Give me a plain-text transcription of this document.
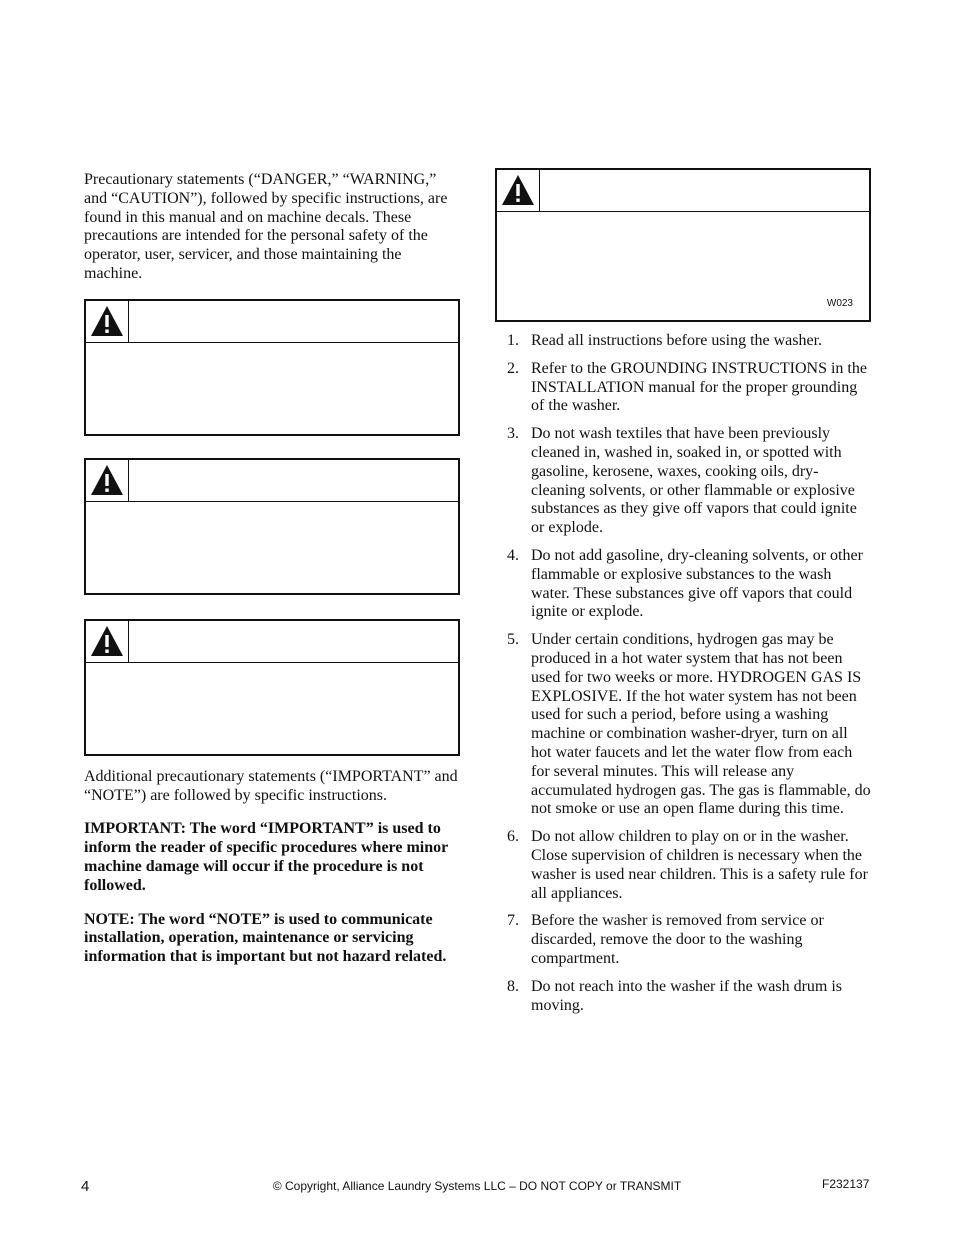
Precautionary statements (“DANGER,” “WARNING,” and “CAUTION”), followed by specific instructions, are found in this manual and on machine decals. These precautions are intended for the personal safety of the operator, user, servicer, and those maintaining the machine.

Additional precautionary statements (“IMPORTANT” and “NOTE”) are followed by specific instructions.

IMPORTANT: The word “IMPORTANT” is used to inform the reader of specific procedures where minor machine damage will occur if the procedure is not followed.

NOTE: The word “NOTE” is used to communicate installation, operation, maintenance or servicing information that is important but not hazard related.

W023
1. Read all instructions before using the washer.
2. Refer to the GROUNDING INSTRUCTIONS in the INSTALLATION manual for the proper grounding of the washer.
3. Do not wash textiles that have been previously cleaned in, washed in, soaked in, or spotted with gasoline, kerosene, waxes, cooking oils, dry-cleaning solvents, or other flammable or explosive substances as they give off vapors that could ignite or explode.
4. Do not add gasoline, dry-cleaning solvents, or other flammable or explosive substances to the wash water. These substances give off vapors that could ignite or explode.
5. Under certain conditions, hydrogen gas may be produced in a hot water system that has not been used for two weeks or more. HYDROGEN GAS IS EXPLOSIVE. If the hot water system has not been used for such a period, before using a washing machine or combination washer-dryer, turn on all hot water faucets and let the water flow from each for several minutes. This will release any accumulated hydrogen gas. The gas is flammable, do not smoke or use an open flame during this time.
6. Do not allow children to play on or in the washer. Close supervision of children is necessary when the washer is used near children. This is a safety rule for all appliances.
7. Before the washer is removed from service or discarded, remove the door to the washing compartment.
8. Do not reach into the washer if the wash drum is moving.
4	© Copyright, Alliance Laundry Systems LLC – DO NOT COPY or TRANSMIT	F232137
